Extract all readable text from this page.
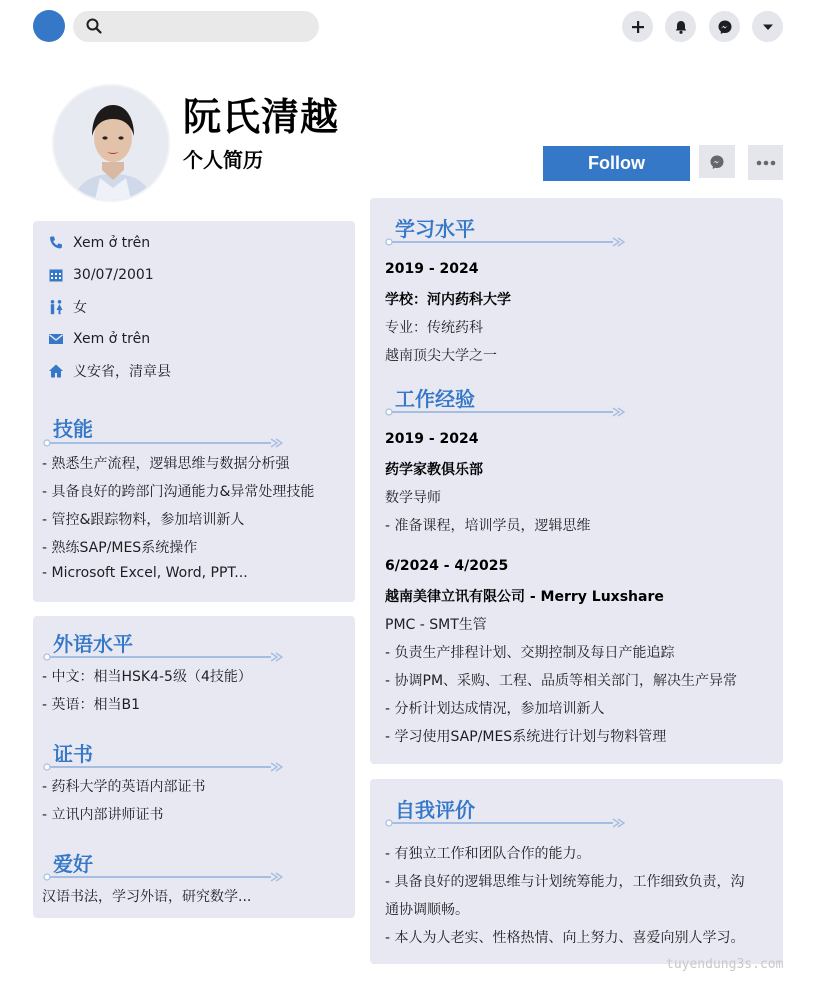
阮氏清越
个人简历	Follow
Xem ở trên
30/07/2001
女
Xem ở trên
义安省，清章县
技能
- 熟悉生产流程，逻辑思维与数据分析强
- 具备良好的跨部门沟通能力&异常处理技能
- 管控&跟踪物料，参加培训新人
- 熟练SAP/MES系统操作
- Microsoft Excel, Word, PPT...
外语水平
- 中文：相当HSK4-5级（4技能）
- 英语：相当B1
证书
- 药科大学的英语内部证书
- 立讯内部讲师证书
爱好
汉语书法，学习外语，研究数学...
学习水平
2019 - 2024
学校：河内药科大学
专业：传统药科
越南顶尖大学之一
工作经验
2019 - 2024
药学家教俱乐部
数学导师
- 准备课程，培训学员，逻辑思维
6/2024 - 4/2025
越南美律立讯有限公司 - Merry Luxshare
PMC - SMT生管
- 负责生产排程计划、交期控制及每日产能追踪
- 协调PM、采购、工程、品质等相关部门，解决生产异常
- 分析计划达成情况，参加培训新人
- 学习使用SAP/MES系统进行计划与物料管理
自我评价
- 有独立工作和团队合作的能力。
- 具备良好的逻辑思维与计划统筹能力，工作细致负责，沟
通协调顺畅。
- 本人为人老实、性格热情、向上努力、喜爱向别人学习。
tuyendung3s.com
